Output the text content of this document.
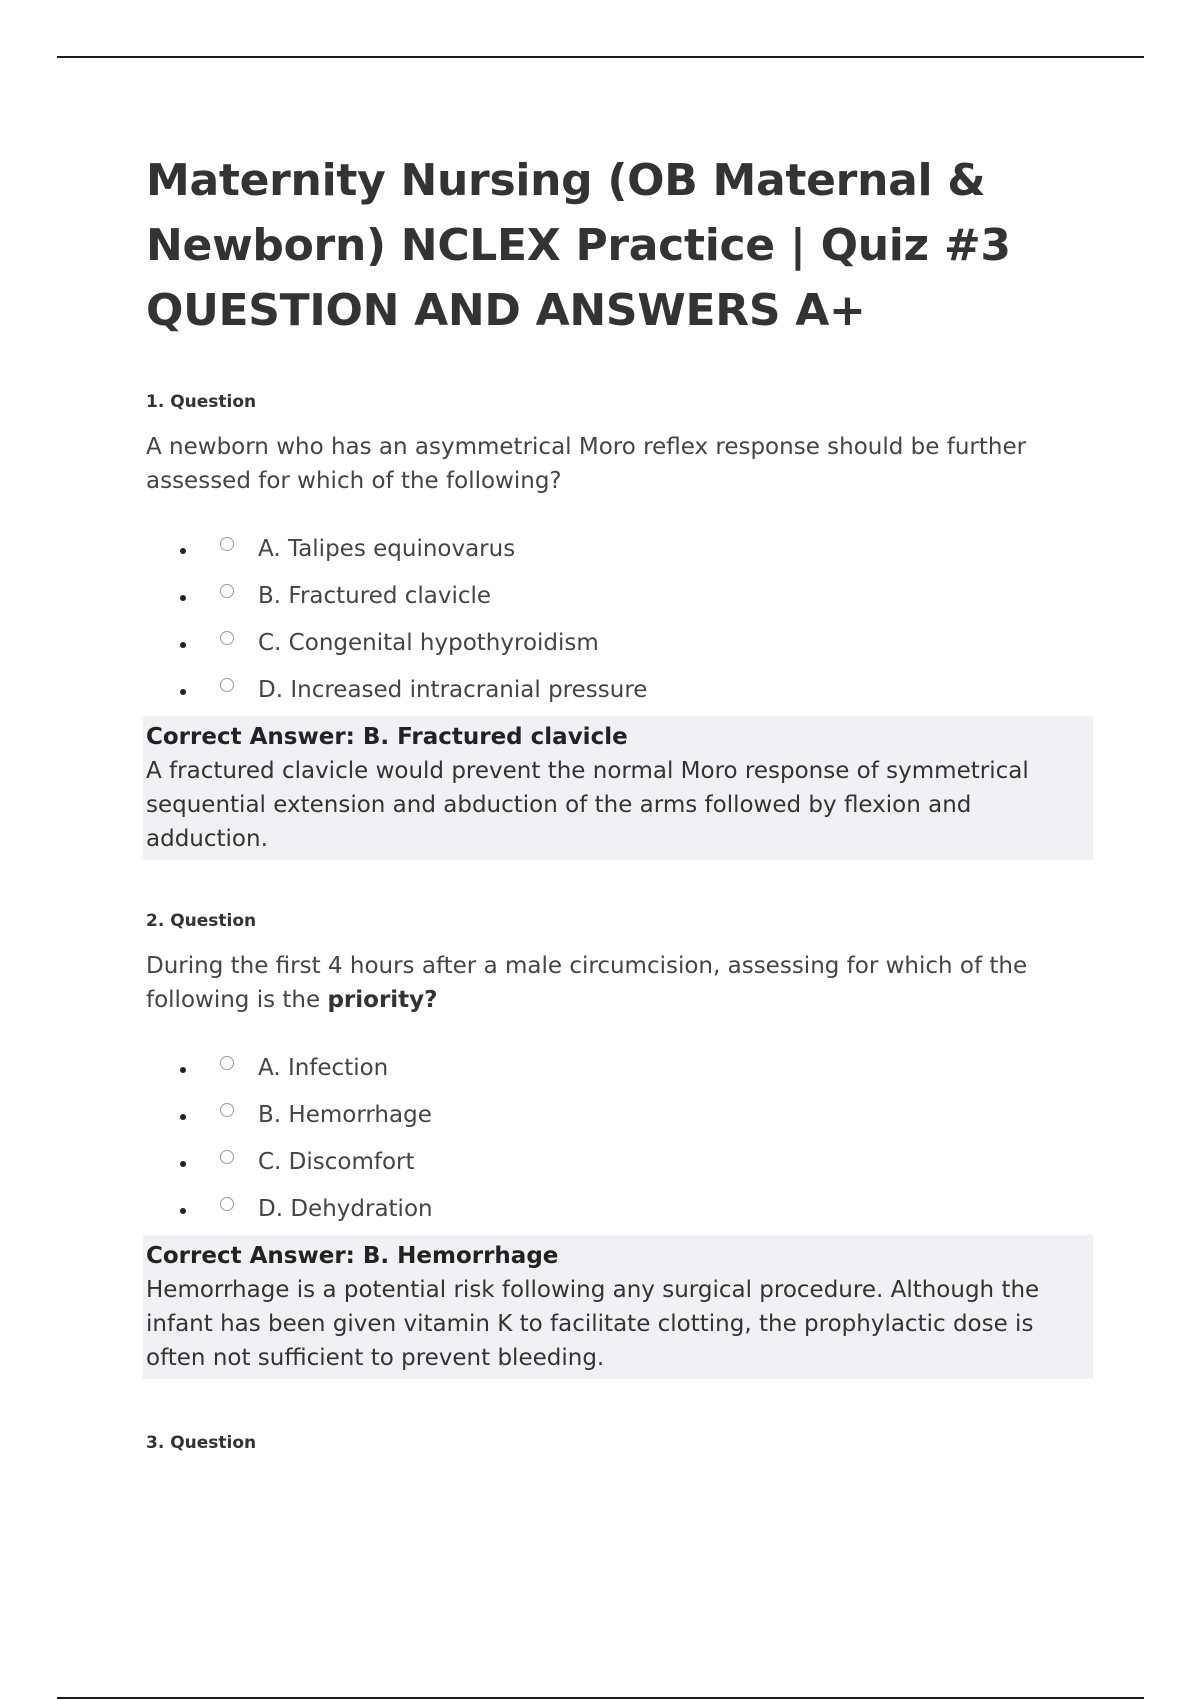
Maternity Nursing (OB Maternal & Newborn) NCLEX Practice | Quiz #3 QUESTION AND ANSWERS A+
1. Question
A newborn who has an asymmetrical Moro reflex response should be further assessed for which of the following?
A. Talipes equinovarus
B. Fractured clavicle
C. Congenital hypothyroidism
D. Increased intracranial pressure
Correct Answer: B. Fractured clavicle
A fractured clavicle would prevent the normal Moro response of symmetrical sequential extension and abduction of the arms followed by flexion and adduction.
2. Question
During the first 4 hours after a male circumcision, assessing for which of the following is the priority?
A. Infection
B. Hemorrhage
C. Discomfort
D. Dehydration
Correct Answer: B. Hemorrhage
Hemorrhage is a potential risk following any surgical procedure. Although the infant has been given vitamin K to facilitate clotting, the prophylactic dose is often not sufficient to prevent bleeding.
3. Question
